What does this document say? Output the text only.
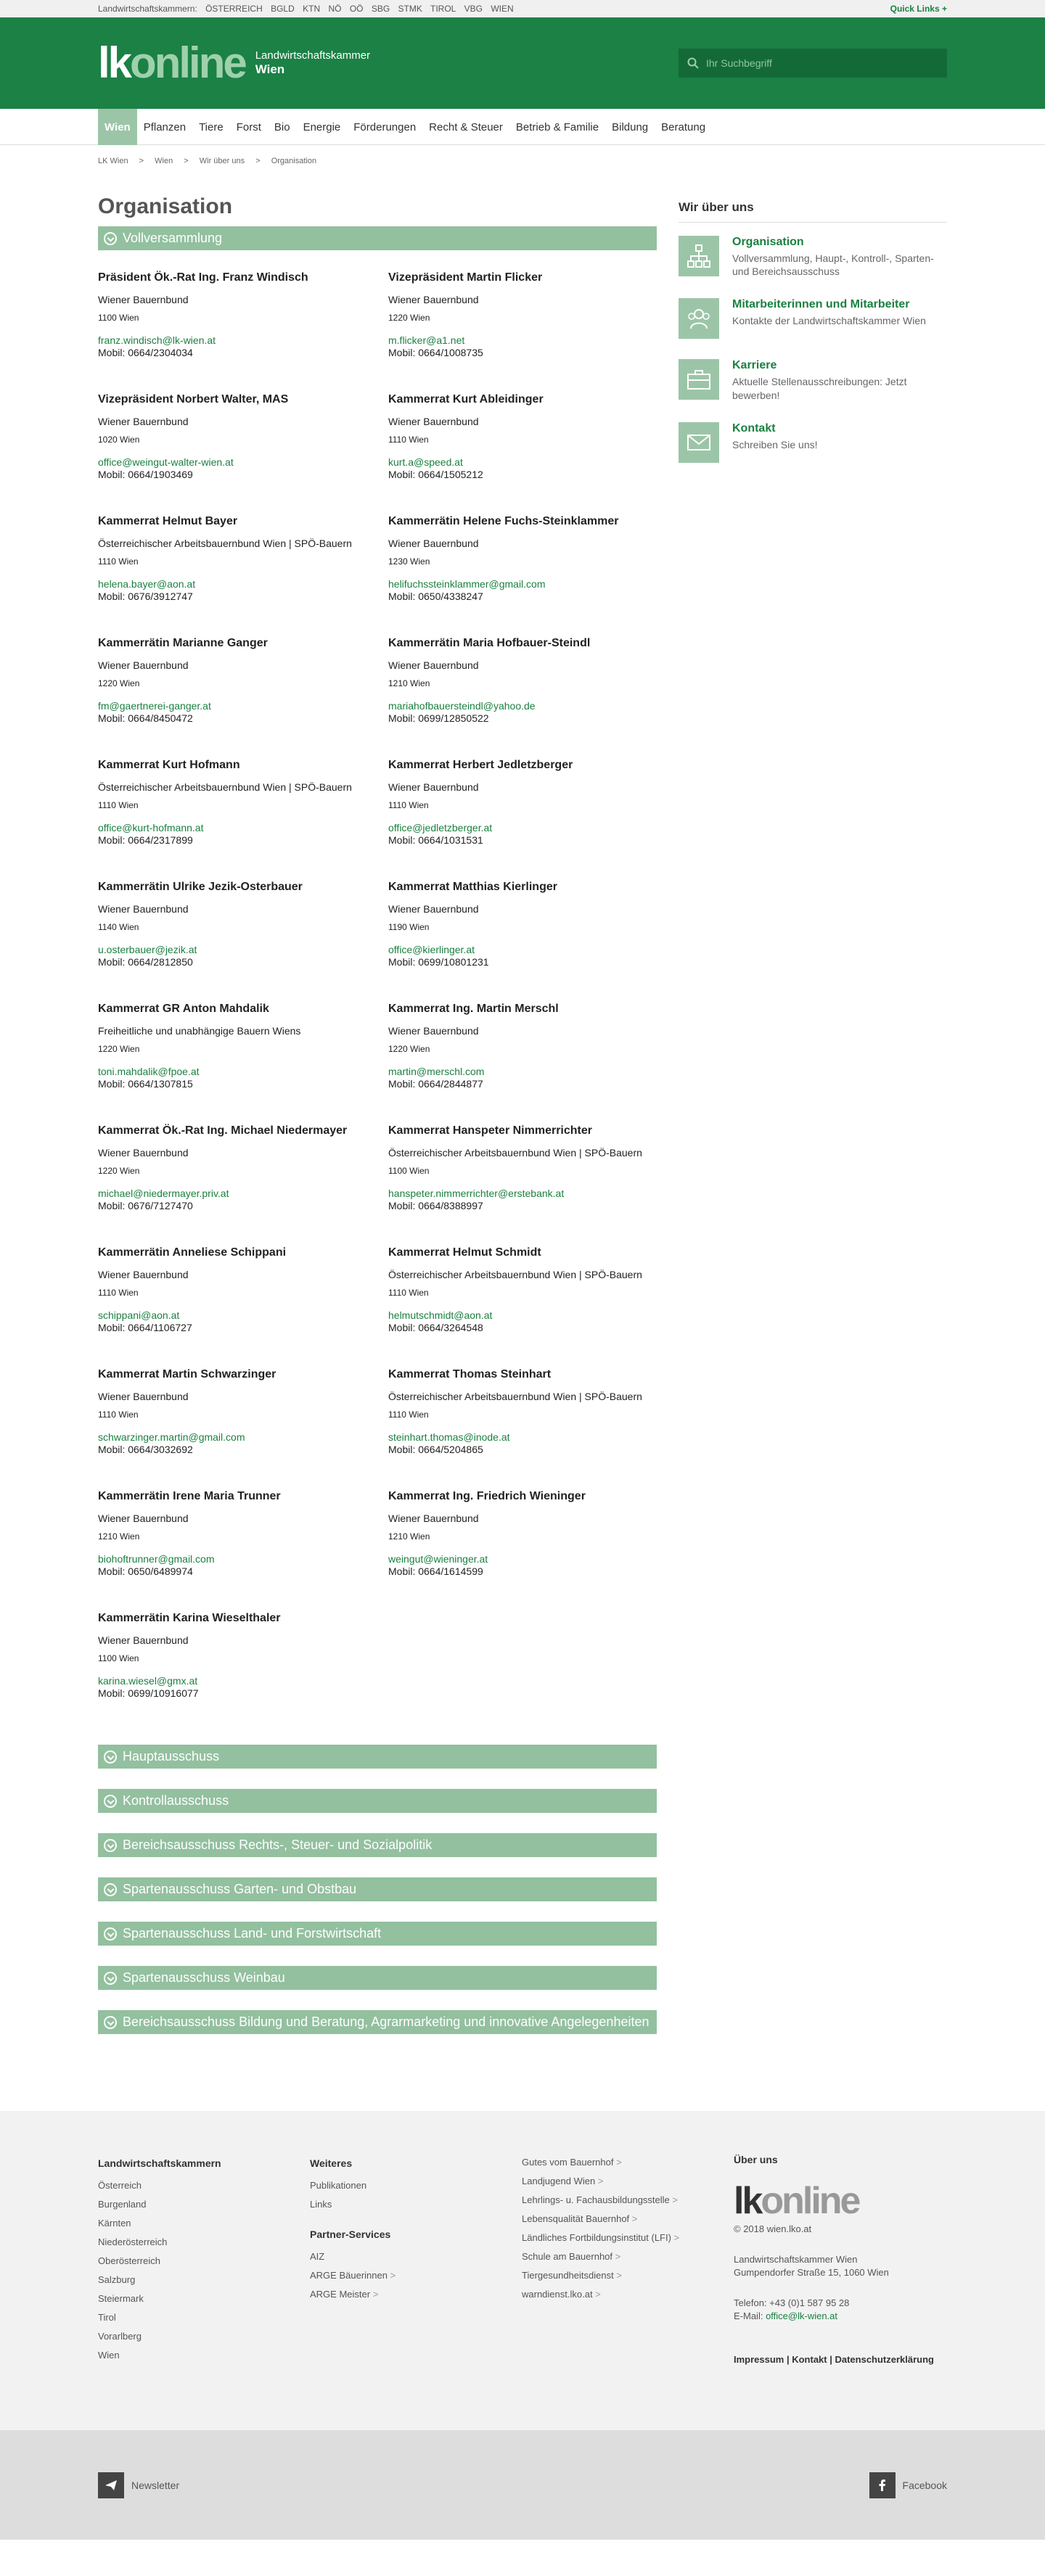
Landwirtschaftskammern: ÖSTERREICH BGLD KTN NÖ OÖ SBG STMK TIROL VBG WIEN	Quick Links +
lk online Landwirtschaftskammer
Wien	Ihr Suchbegriff
Wien	Pflanzen	Tiere	Forst	Bio	Energie	Förderungen	Recht & Steuer	Betrieb & Familie	Bildung	Beratung
LK Wien > Wien > Wir über uns > Organisation
Organisation
Vollversammlung
Präsident Ök.-Rat Ing. Franz Windisch
Wiener Bauernbund
1100 Wien
franz.windisch@lk-wien.at
Mobil: 0664/2304034
Vizepräsident Martin Flicker
Wiener Bauernbund
1220 Wien
m.flicker@a1.net
Mobil: 0664/1008735
Vizepräsident Norbert Walter, MAS
Wiener Bauernbund
1020 Wien
office@weingut-walter-wien.at
Mobil: 0664/1903469
Kammerrat Kurt Ableidinger
Wiener Bauernbund
1110 Wien
kurt.a@speed.at
Mobil: 0664/1505212
Kammerrat Helmut Bayer
Österreichischer Arbeitsbauernbund Wien | SPÖ-Bauern
1110 Wien
helena.bayer@aon.at
Mobil: 0676/3912747
Kammerrätin Helene Fuchs-Steinklammer
Wiener Bauernbund
1230 Wien
helifuchssteinklammer@gmail.com
Mobil: 0650/4338247
Kammerrätin Marianne Ganger
Wiener Bauernbund
1220 Wien
fm@gaertnerei-ganger.at
Mobil: 0664/8450472
Kammerrätin Maria Hofbauer-Steindl
Wiener Bauernbund
1210 Wien
mariahofbauersteindl@yahoo.de
Mobil: 0699/12850522
Kammerrat Kurt Hofmann
Österreichischer Arbeitsbauernbund Wien | SPÖ-Bauern
1110 Wien
office@kurt-hofmann.at
Mobil: 0664/2317899
Kammerrat Herbert Jedletzberger
Wiener Bauernbund
1110 Wien
office@jedletzberger.at
Mobil: 0664/1031531
Kammerrätin Ulrike Jezik-Osterbauer
Wiener Bauernbund
1140 Wien
u.osterbauer@jezik.at
Mobil: 0664/2812850
Kammerrat Matthias Kierlinger
Wiener Bauernbund
1190 Wien
office@kierlinger.at
Mobil: 0699/10801231
Kammerrat GR Anton Mahdalik
Freiheitliche und unabhängige Bauern Wiens
1220 Wien
toni.mahdalik@fpoe.at
Mobil: 0664/1307815
Kammerrat Ing. Martin Merschl
Wiener Bauernbund
1220 Wien
martin@merschl.com
Mobil: 0664/2844877
Kammerrat Ök.-Rat Ing. Michael Niedermayer
Wiener Bauernbund
1220 Wien
michael@niedermayer.priv.at
Mobil: 0676/7127470
Kammerrat Hanspeter Nimmerrichter
Österreichischer Arbeitsbauernbund Wien | SPÖ-Bauern
1100 Wien
hanspeter.nimmerrichter@erstebank.at
Mobil: 0664/8388997
Kammerrätin Anneliese Schippani
Wiener Bauernbund
1110 Wien
schippani@aon.at
Mobil: 0664/1106727
Kammerrat Helmut Schmidt
Österreichischer Arbeitsbauernbund Wien | SPÖ-Bauern
1110 Wien
helmutschmidt@aon.at
Mobil: 0664/3264548
Kammerrat Martin Schwarzinger
Wiener Bauernbund
1110 Wien
schwarzinger.martin@gmail.com
Mobil: 0664/3032692
Kammerrat Thomas Steinhart
Österreichischer Arbeitsbauernbund Wien | SPÖ-Bauern
1110 Wien
steinhart.thomas@inode.at
Mobil: 0664/5204865
Kammerrätin Irene Maria Trunner
Wiener Bauernbund
1210 Wien
biohoftrunner@gmail.com
Mobil: 0650/6489974
Kammerrat Ing. Friedrich Wieninger
Wiener Bauernbund
1210 Wien
weingut@wieninger.at
Mobil: 0664/1614599
Kammerrätin Karina Wieselthaler
Wiener Bauernbund
1100 Wien
karina.wiesel@gmx.at
Mobil: 0699/10916077
Hauptausschuss
Kontrollausschuss
Bereichsausschuss Rechts-, Steuer- und Sozialpolitik
Spartenausschuss Garten- und Obstbau
Spartenausschuss Land- und Forstwirtschaft
Spartenausschuss Weinbau
Bereichsausschuss Bildung und Beratung, Agrarmarketing und innovative Angelegenheiten
Wir über uns
Organisation
Vollversammlung, Haupt-, Kontroll-, Sparten- und Bereichsausschuss
Mitarbeiterinnen und Mitarbeiter
Kontakte der Landwirtschaftskammer Wien
Karriere
Aktuelle Stellenausschreibungen: Jetzt bewerben!
Kontakt
Schreiben Sie uns!
Landwirtschaftskammern
Österreich
Burgenland
Kärnten
Niederösterreich
Oberösterreich
Salzburg
Steiermark
Tirol
Vorarlberg
Wien
Weiteres
Publikationen
Links
Partner-Services
AIZ
ARGE Bäuerinnen >
ARGE Meister >
Gutes vom Bauernhof >
Landjugend Wien >
Lehrlings- u. Fachausbildungsstelle >
Lebensqualität Bauernhof >
Ländliches Fortbildungsinstitut (LFI) >
Schule am Bauernhof >
Tiergesundheitsdienst >
warndienst.lko.at >
Über uns
lkonline
© 2018 wien.lko.at
Landwirtschaftskammer Wien
Gumpendorfer Straße 15, 1060 Wien
Telefon: +43 (0)1 587 95 28
E-Mail: office@lk-wien.at
Impressum | Kontakt | Datenschutzerklärung
Newsletter	Facebook
